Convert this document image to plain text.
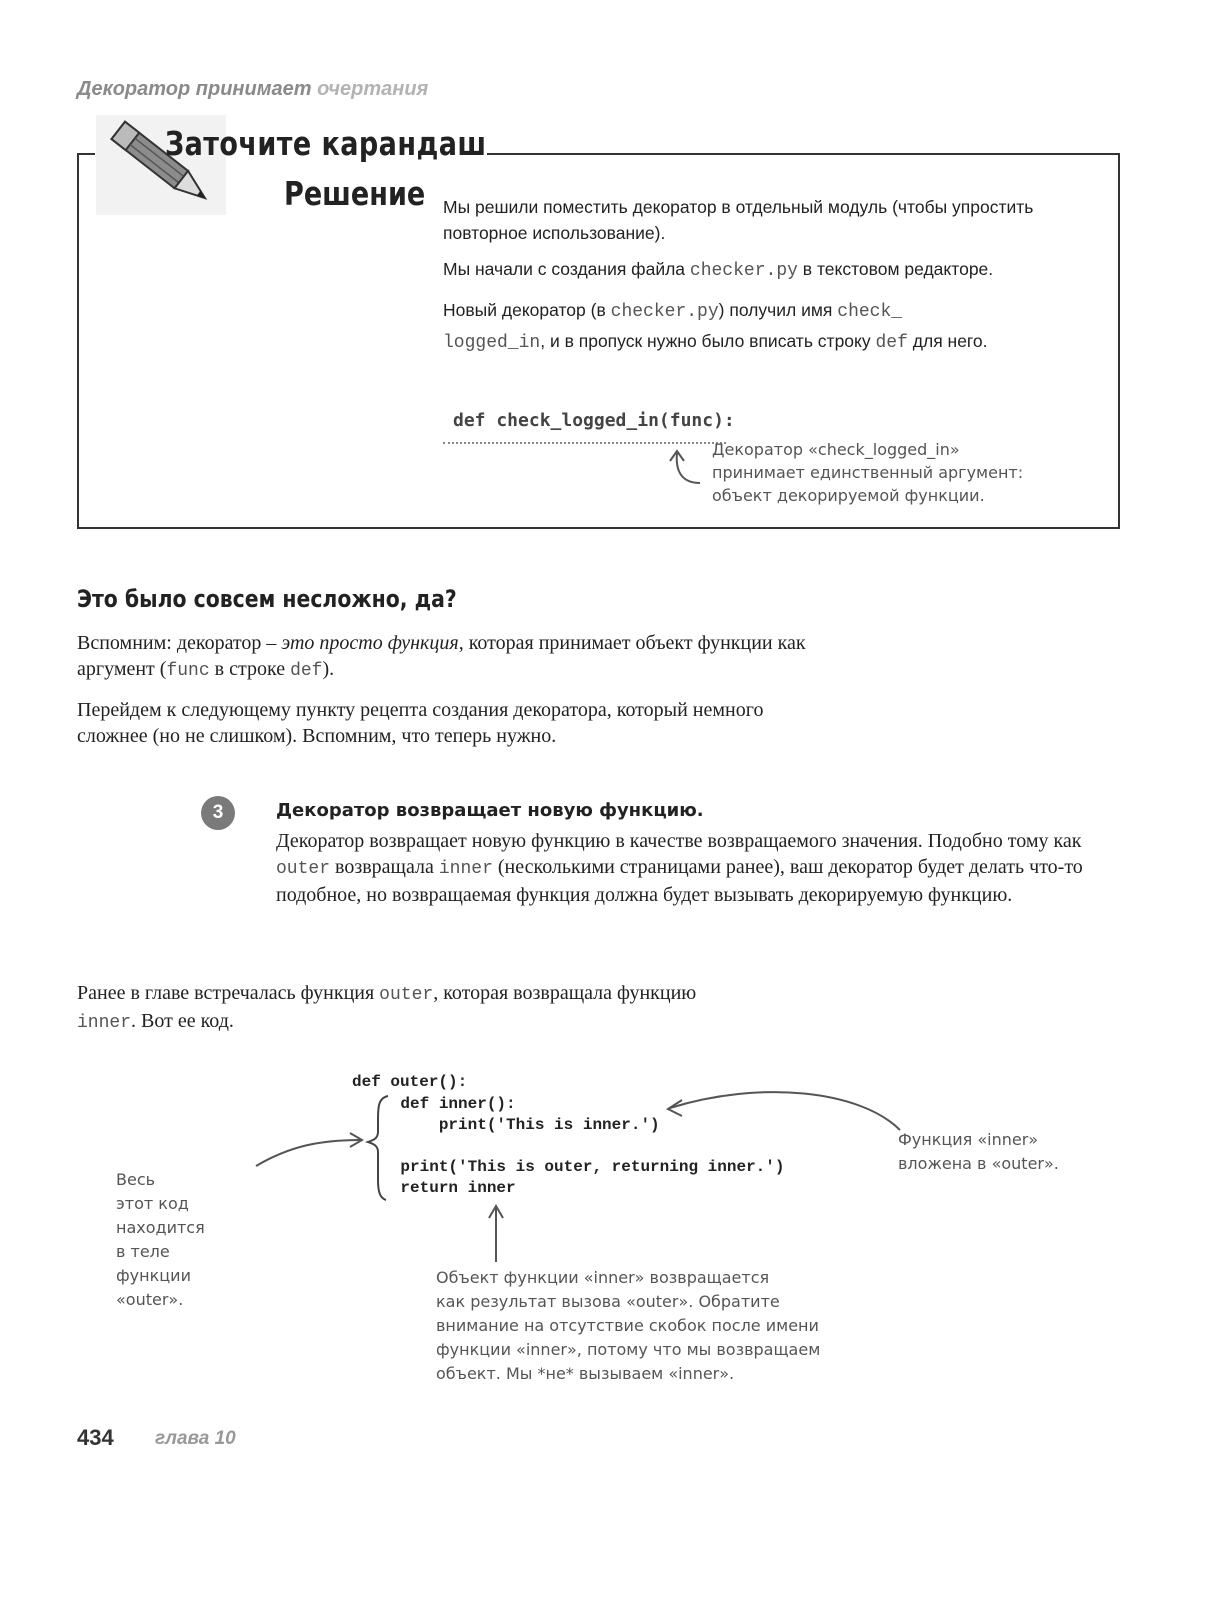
Декоратор принимает очертания
Заточите карандаш
Решение Мы решили поместить декоратор в отдельный модуль (чтобы упростить повторное использование).
Мы начали с создания файла checker.py в текстовом редакторе.
Новый декоратор (в checker.py) получил имя check_
logged_in, и в пропуск нужно было вписать строку def для него.
def check_logged_in(func):
Декоратор «check_logged_in»
принимает единственный аргумент:
объект декорируемой функции.
Это было совсем несложно, да?
Вспомним: декоратор – это просто функция, которая принимает объект функции как аргумент (func в строке def).
Перейдем к следующему пункту рецепта создания декоратора, который немного сложнее (но не слишком). Вспомним, что теперь нужно.
3	Декоратор возвращает новую функцию.
Декоратор возвращает новую функцию в качестве возвращаемого значения. Подобно тому как outer возвращала inner (несколькими страницами ранее), ваш декоратор будет делать что-то подобное, но возвращаемая функция должна будет вызывать декорируемую функцию.
Ранее в главе встречалась функция outer, которая возвращала функцию inner. Вот ее код.
def outer():
def inner():
print('This is inner.')
print('This is outer, returning inner.')
return inner
Весь
этот код
находится
в теле
функции
«outer».
Функция «inner»
вложена в «outer».
Объект функции «inner» возвращается
как результат вызова «outer». Обратите
внимание на отсутствие скобок после имени
функции «inner», потому что мы возвращаем
объект. Мы *не* вызываем «inner».
434 глава 10
